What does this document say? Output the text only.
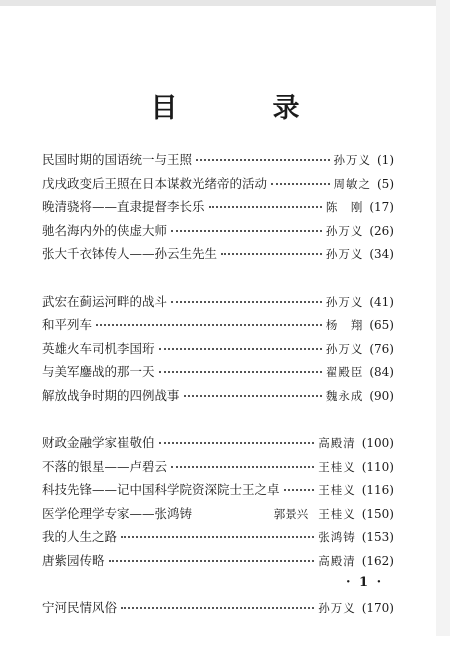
目　录
民国时期的国语统一与王照	孙万义 (1)
戊戌政变后王照在日本谋救光绪帝的活动	周敏之 (5)
晚清骁将——直隶提督李长乐	陈　刚 (17)
驰名海内外的侠虚大师	孙万义 (26)
张大千衣钵传人——孙云生先生	孙万义 (34)
武宏在蓟运河畔的战斗	孙万义 (41)
和平列车	杨　翔 (65)
英雄火车司机李国珩	孙万义 (76)
与美军鏖战的那一天	翟殿臣 (84)
解放战争时期的四例战事	魏永成 (90)
财政金融学家崔敬伯	高殿清 (100)
不落的银星——卢碧云	王桂义 (110)
科技先锋——记中国科学院资深院士王之卓	王桂义 (116)
医学伦理学专家——张鸿铸	郭景兴 王桂义 (150)
我的人生之路	张鸿铸 (153)
唐紫园传略	高殿清 (162)
宁河民情风俗	孙万义 (170)
· 1 ·
